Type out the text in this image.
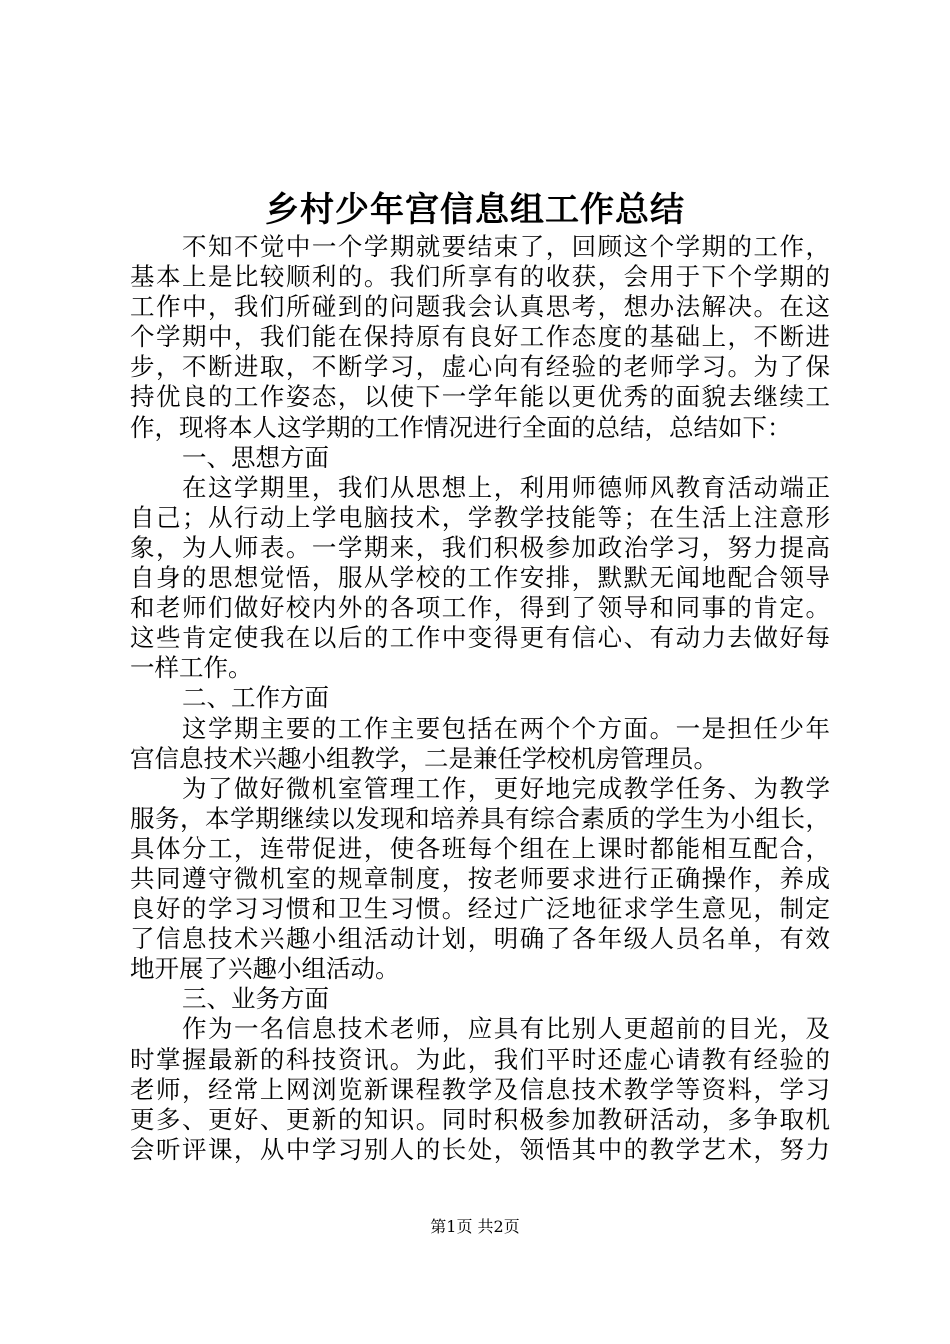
乡村少年宫信息组工作总结
不知不觉中一个学期就要结束了，回顾这个学期的工作，
基本上是比较顺利的。我们所享有的收获，会用于下个学期的
工作中，我们所碰到的问题我会认真思考，想办法解决。在这
个学期中，我们能在保持原有良好工作态度的基础上，不断进
步，不断进取，不断学习，虚心向有经验的老师学习。为了保
持优良的工作姿态，以使下一学年能以更优秀的面貌去继续工
作，现将本人这学期的工作情况进行全面的总结，总结如下：
一、思想方面
在这学期里，我们从思想上，利用师德师风教育活动端正
自己；从行动上学电脑技术，学教学技能等；在生活上注意形
象，为人师表。一学期来，我们积极参加政治学习，努力提高
自身的思想觉悟，服从学校的工作安排，默默无闻地配合领导
和老师们做好校内外的各项工作，得到了领导和同事的肯定。
这些肯定使我在以后的工作中变得更有信心、有动力去做好每
一样工作。
二、工作方面
这学期主要的工作主要包括在两个个方面。一是担任少年
宫信息技术兴趣小组教学，二是兼任学校机房管理员。
为了做好微机室管理工作，更好地完成教学任务、为教学
服务，本学期继续以发现和培养具有综合素质的学生为小组长，
具体分工，连带促进，使各班每个组在上课时都能相互配合，
共同遵守微机室的规章制度，按老师要求进行正确操作，养成
良好的学习习惯和卫生习惯。经过广泛地征求学生意见，制定
了信息技术兴趣小组活动计划，明确了各年级人员名单，有效
地开展了兴趣小组活动。
三、业务方面
作为一名信息技术老师，应具有比别人更超前的目光，及
时掌握最新的科技资讯。为此，我们平时还虚心请教有经验的
老师，经常上网浏览新课程教学及信息技术教学等资料，学习
更多、更好、更新的知识。同时积极参加教研活动，多争取机
会听评课，从中学习别人的长处，领悟其中的教学艺术，努力
第1页 共2页
